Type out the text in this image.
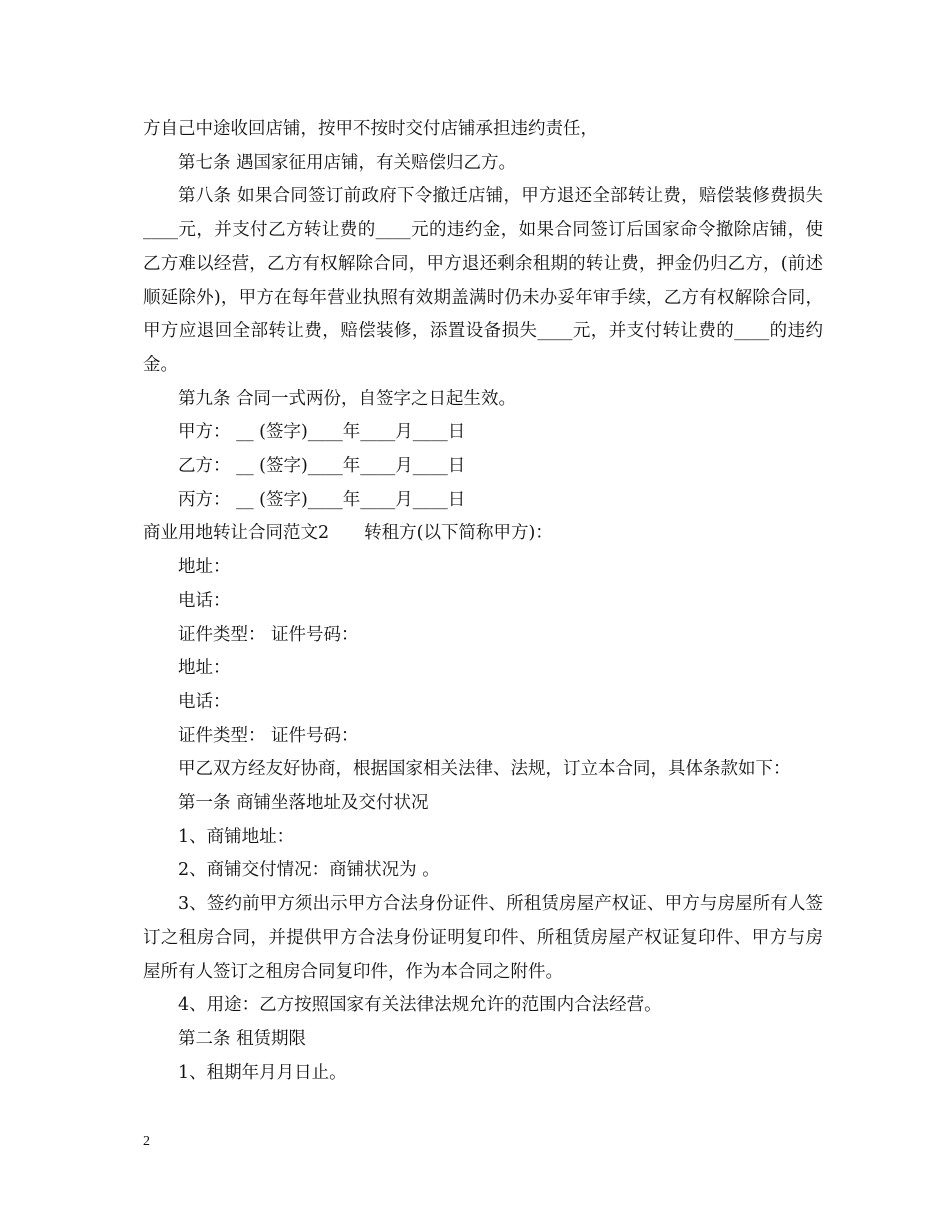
方自己中途收回店铺，按甲不按时交付店铺承担违约责任，

第七条 遇国家征用店铺，有关赔偿归乙方。

第八条 如果合同签订前政府下令撤迁店铺，甲方退还全部转让费，赔偿装修费损失____元，并支付乙方转让费的____元的违约金，如果合同签订后国家命令撤除店铺，使乙方难以经营，乙方有权解除合同，甲方退还剩余租期的转让费，押金仍归乙方，(前述顺延除外)，甲方在每年营业执照有效期盖满时仍未办妥年审手续，乙方有权解除合同，甲方应退回全部转让费，赔偿装修，添置设备损失____元，并支付转让费的____的违约金。

第九条 合同一式两份，自签字之日起生效。

甲方： __ (签字)____年____月____日

乙方： __ (签字)____年____月____日

丙方： __ (签字)____年____月____日

商业用地转让合同范文2　　转租方(以下简称甲方)：

地址：

电话：

证件类型： 证件号码：

地址：

电话：

证件类型： 证件号码：

甲乙双方经友好协商，根据国家相关法律、法规，订立本合同，具体条款如下：

第一条 商铺坐落地址及交付状况

1、商铺地址：

2、商铺交付情况：商铺状况为 。

3、签约前甲方须出示甲方合法身份证件、所租赁房屋产权证、甲方与房屋所有人签订之租房合同，并提供甲方合法身份证明复印件、所租赁房屋产权证复印件、甲方与房屋所有人签订之租房合同复印件，作为本合同之附件。

4、用途：乙方按照国家有关法律法规允许的范围内合法经营。

第二条 租赁期限

1、租期年月月日止。

2
